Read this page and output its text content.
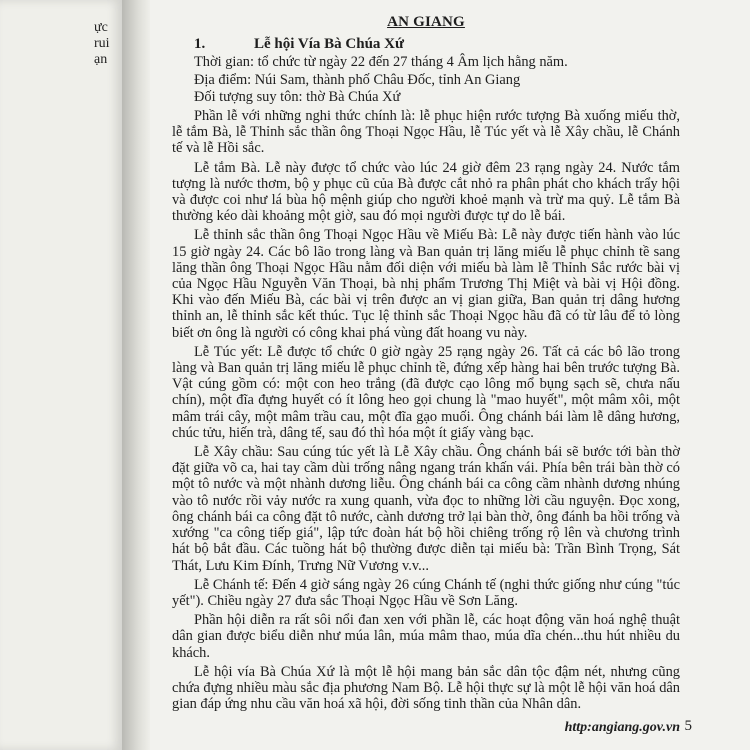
ực
rui
ạn
AN GIANG
1.	Lễ hội Vía Bà Chúa Xứ

Thời gian: tổ chức từ ngày 22 đến 27 tháng 4 Âm lịch hằng năm.

Địa điểm: Núi Sam, thành phố Châu Đốc, tỉnh An Giang

Đối tượng suy tôn: thờ Bà Chúa Xứ

Phần lễ với những nghi thức chính là: lễ phục hiện rước tượng Bà xuống miếu thờ, lễ tắm Bà, lễ Thỉnh sắc thần ông Thoại Ngọc Hầu, lễ Túc yết và lễ Xây chầu, lễ Chánh tế và lễ Hồi sắc.

Lễ tắm Bà. Lễ này được tổ chức vào lúc 24 giờ đêm 23 rạng ngày 24. Nước tắm tượng là nước thơm, bộ y phục cũ của Bà được cắt nhỏ ra phân phát cho khách trẩy hội và được coi như lá bùa hộ mệnh giúp cho người khoẻ mạnh và trừ ma quỷ. Lễ tắm Bà thường kéo dài khoảng một giờ, sau đó mọi người được tự do lễ bái.

Lễ thỉnh sắc thần ông Thoại Ngọc Hầu về Miếu Bà: Lễ này được tiến hành vào lúc 15 giờ ngày 24. Các bô lão trong làng và Ban quản trị lăng miếu lễ phục chỉnh tề sang lăng thần ông Thoại Ngọc Hầu nằm đối diện với miếu bà làm lễ Thỉnh Sắc rước bài vị của Ngọc Hầu Nguyễn Văn Thoại, bà nhị phẩm Trương Thị Miệt và bài vị Hội đồng. Khi vào đến Miếu Bà, các bài vị trên được an vị gian giữa, Ban quản trị dâng hương thỉnh an, lễ thỉnh sắc kết thúc. Tục lệ thỉnh sắc Thoại Ngọc hầu đã có từ lâu để tỏ lòng biết ơn ông là người có công khai phá vùng đất hoang vu này.

Lễ Túc yết: Lễ được tổ chức 0 giờ ngày 25 rạng ngày 26. Tất cả các bô lão trong làng và Ban quản trị lăng miếu lễ phục chỉnh tề, đứng xếp hàng hai bên trước tượng Bà. Vật cúng gồm có: một con heo trắng (đã được cạo lông mổ bụng sạch sẽ, chưa nấu chín), một đĩa đựng huyết có ít lông heo gọi chung là "mao huyết", một mâm xôi, một mâm trái cây, một mâm trầu cau, một đĩa gạo muối. Ông chánh bái làm lễ dâng hương, chúc tửu, hiến trà, dâng tế, sau đó thì hóa một ít giấy vàng bạc.

Lễ Xây chầu: Sau cúng túc yết là Lễ Xây chầu. Ông chánh bái sẽ bước tới bàn thờ đặt giữa võ ca, hai tay cầm dùi trống nâng ngang trán khấn vái. Phía bên trái bàn thờ có một tô nước và một nhành dương liễu. Ông chánh bái ca công cầm nhành dương nhúng vào tô nước rồi vảy nước ra xung quanh, vừa đọc to những lời cầu nguyện. Đọc xong, ông chánh bái ca công đặt tô nước, cành dương trở lại bàn thờ, ông đánh ba hồi trống và xướng "ca công tiếp giá", lập tức đoàn hát bộ hồi chiêng trống rộ lên và chương trình hát bộ bắt đầu. Các tuồng hát bộ thường được diễn tại miếu bà: Trần Bình Trọng, Sát Thát, Lưu Kim Đính, Trưng Nữ Vương v.v...

Lễ Chánh tế: Đến 4 giờ sáng ngày 26 cúng Chánh tế (nghi thức giống như cúng "túc yết"). Chiều ngày 27 đưa sắc Thoại Ngọc Hầu về Sơn Lăng.

Phần hội diễn ra rất sôi nổi đan xen với phần lễ, các hoạt động văn hoá nghệ thuật dân gian được biểu diễn như múa lân, múa mâm thao, múa dĩa chén...thu hút nhiều du khách.

Lễ hội vía Bà Chúa Xứ là một lễ hội mang bản sắc dân tộc đậm nét, nhưng cũng chứa đựng nhiều màu sắc địa phương Nam Bộ. Lễ hội thực sự là một lễ hội văn hoá dân gian đáp ứng nhu cầu văn hoá xã hội, đời sống tinh thần của Nhân dân.

http:angiang.gov.vn 5
